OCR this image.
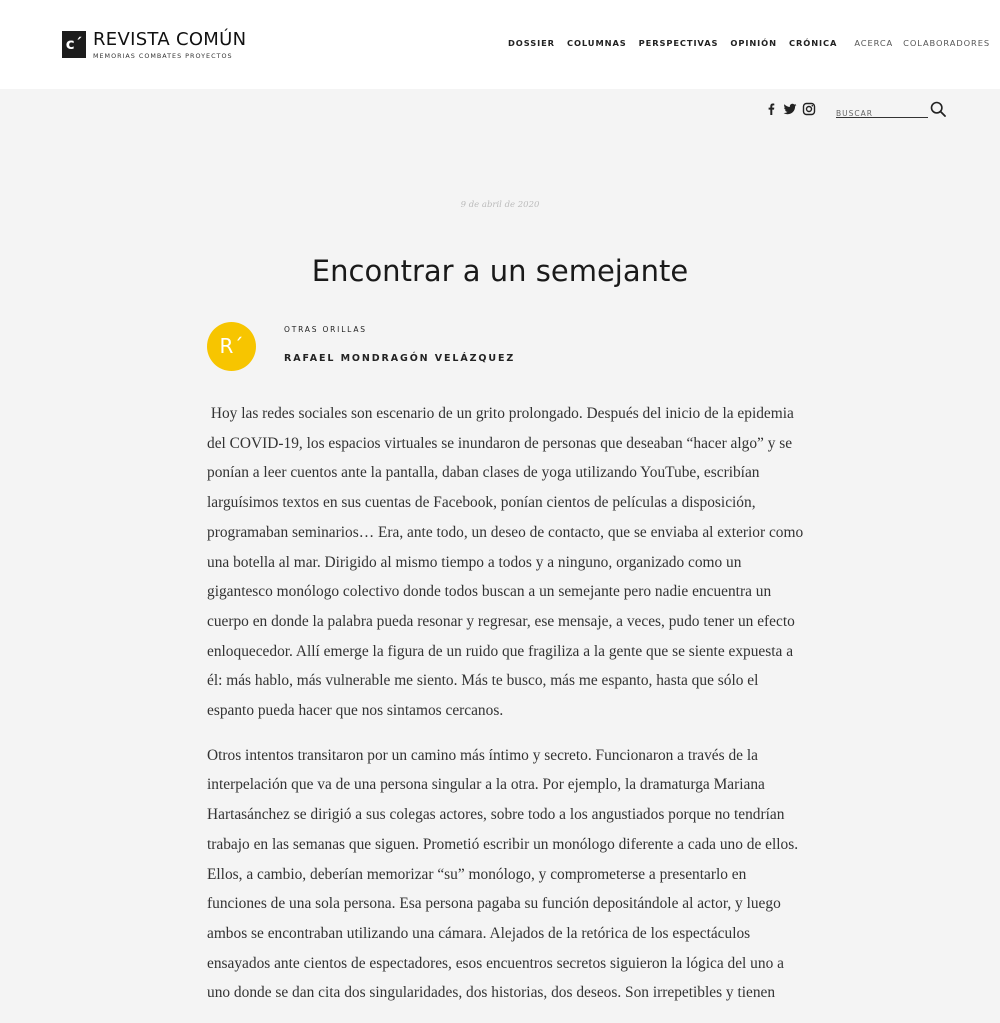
c´ REVISTA COMÚN
MEMORIAS COMBATES PROYECTOS
DOSSIER COLUMNAS PERSPECTIVAS OPINIÓN CRÓNICA ACERCA COLABORADORES
BUSCAR
9 de abril de 2020
Encontrar a un semejante
R´
OTRAS ORILLAS
RAFAEL MONDRAGÓN VELÁZQUEZ

Hoy las redes sociales son escenario de un grito prolongado. Después del inicio de la epidemia del COVID-19, los espacios virtuales se inundaron de personas que deseaban “hacer algo” y se ponían a leer cuentos ante la pantalla, daban clases de yoga utilizando YouTube, escribían larguísimos textos en sus cuentas de Facebook, ponían cientos de películas a disposición, programaban seminarios… Era, ante todo, un deseo de contacto, que se enviaba al exterior como una botella al mar. Dirigido al mismo tiempo a todos y a ninguno, organizado como un gigantesco monólogo colectivo donde todos buscan a un semejante pero nadie encuentra un cuerpo en donde la palabra pueda resonar y regresar, ese mensaje, a veces, pudo tener un efecto enloquecedor. Allí emerge la figura de un ruido que fragiliza a la gente que se siente expuesta a él: más hablo, más vulnerable me siento. Más te busco, más me espanto, hasta que sólo el espanto pueda hacer que nos sintamos cercanos.

Otros intentos transitaron por un camino más íntimo y secreto. Funcionaron a través de la interpelación que va de una persona singular a la otra. Por ejemplo, la dramaturga Mariana Hartasánchez se dirigió a sus colegas actores, sobre todo a los angustiados porque no tendrían trabajo en las semanas que siguen. Prometió escribir un monólogo diferente a cada uno de ellos. Ellos, a cambio, deberían memorizar “su” monólogo, y comprometerse a presentarlo en funciones de una sola persona. Esa persona pagaba su función depositándole al actor, y luego ambos se encontraban utilizando una cámara. Alejados de la retórica de los espectáculos ensayados ante cientos de espectadores, esos encuentros secretos siguieron la lógica del uno a uno donde se dan cita dos singularidades, dos historias, dos deseos. Son irrepetibles y tienen
